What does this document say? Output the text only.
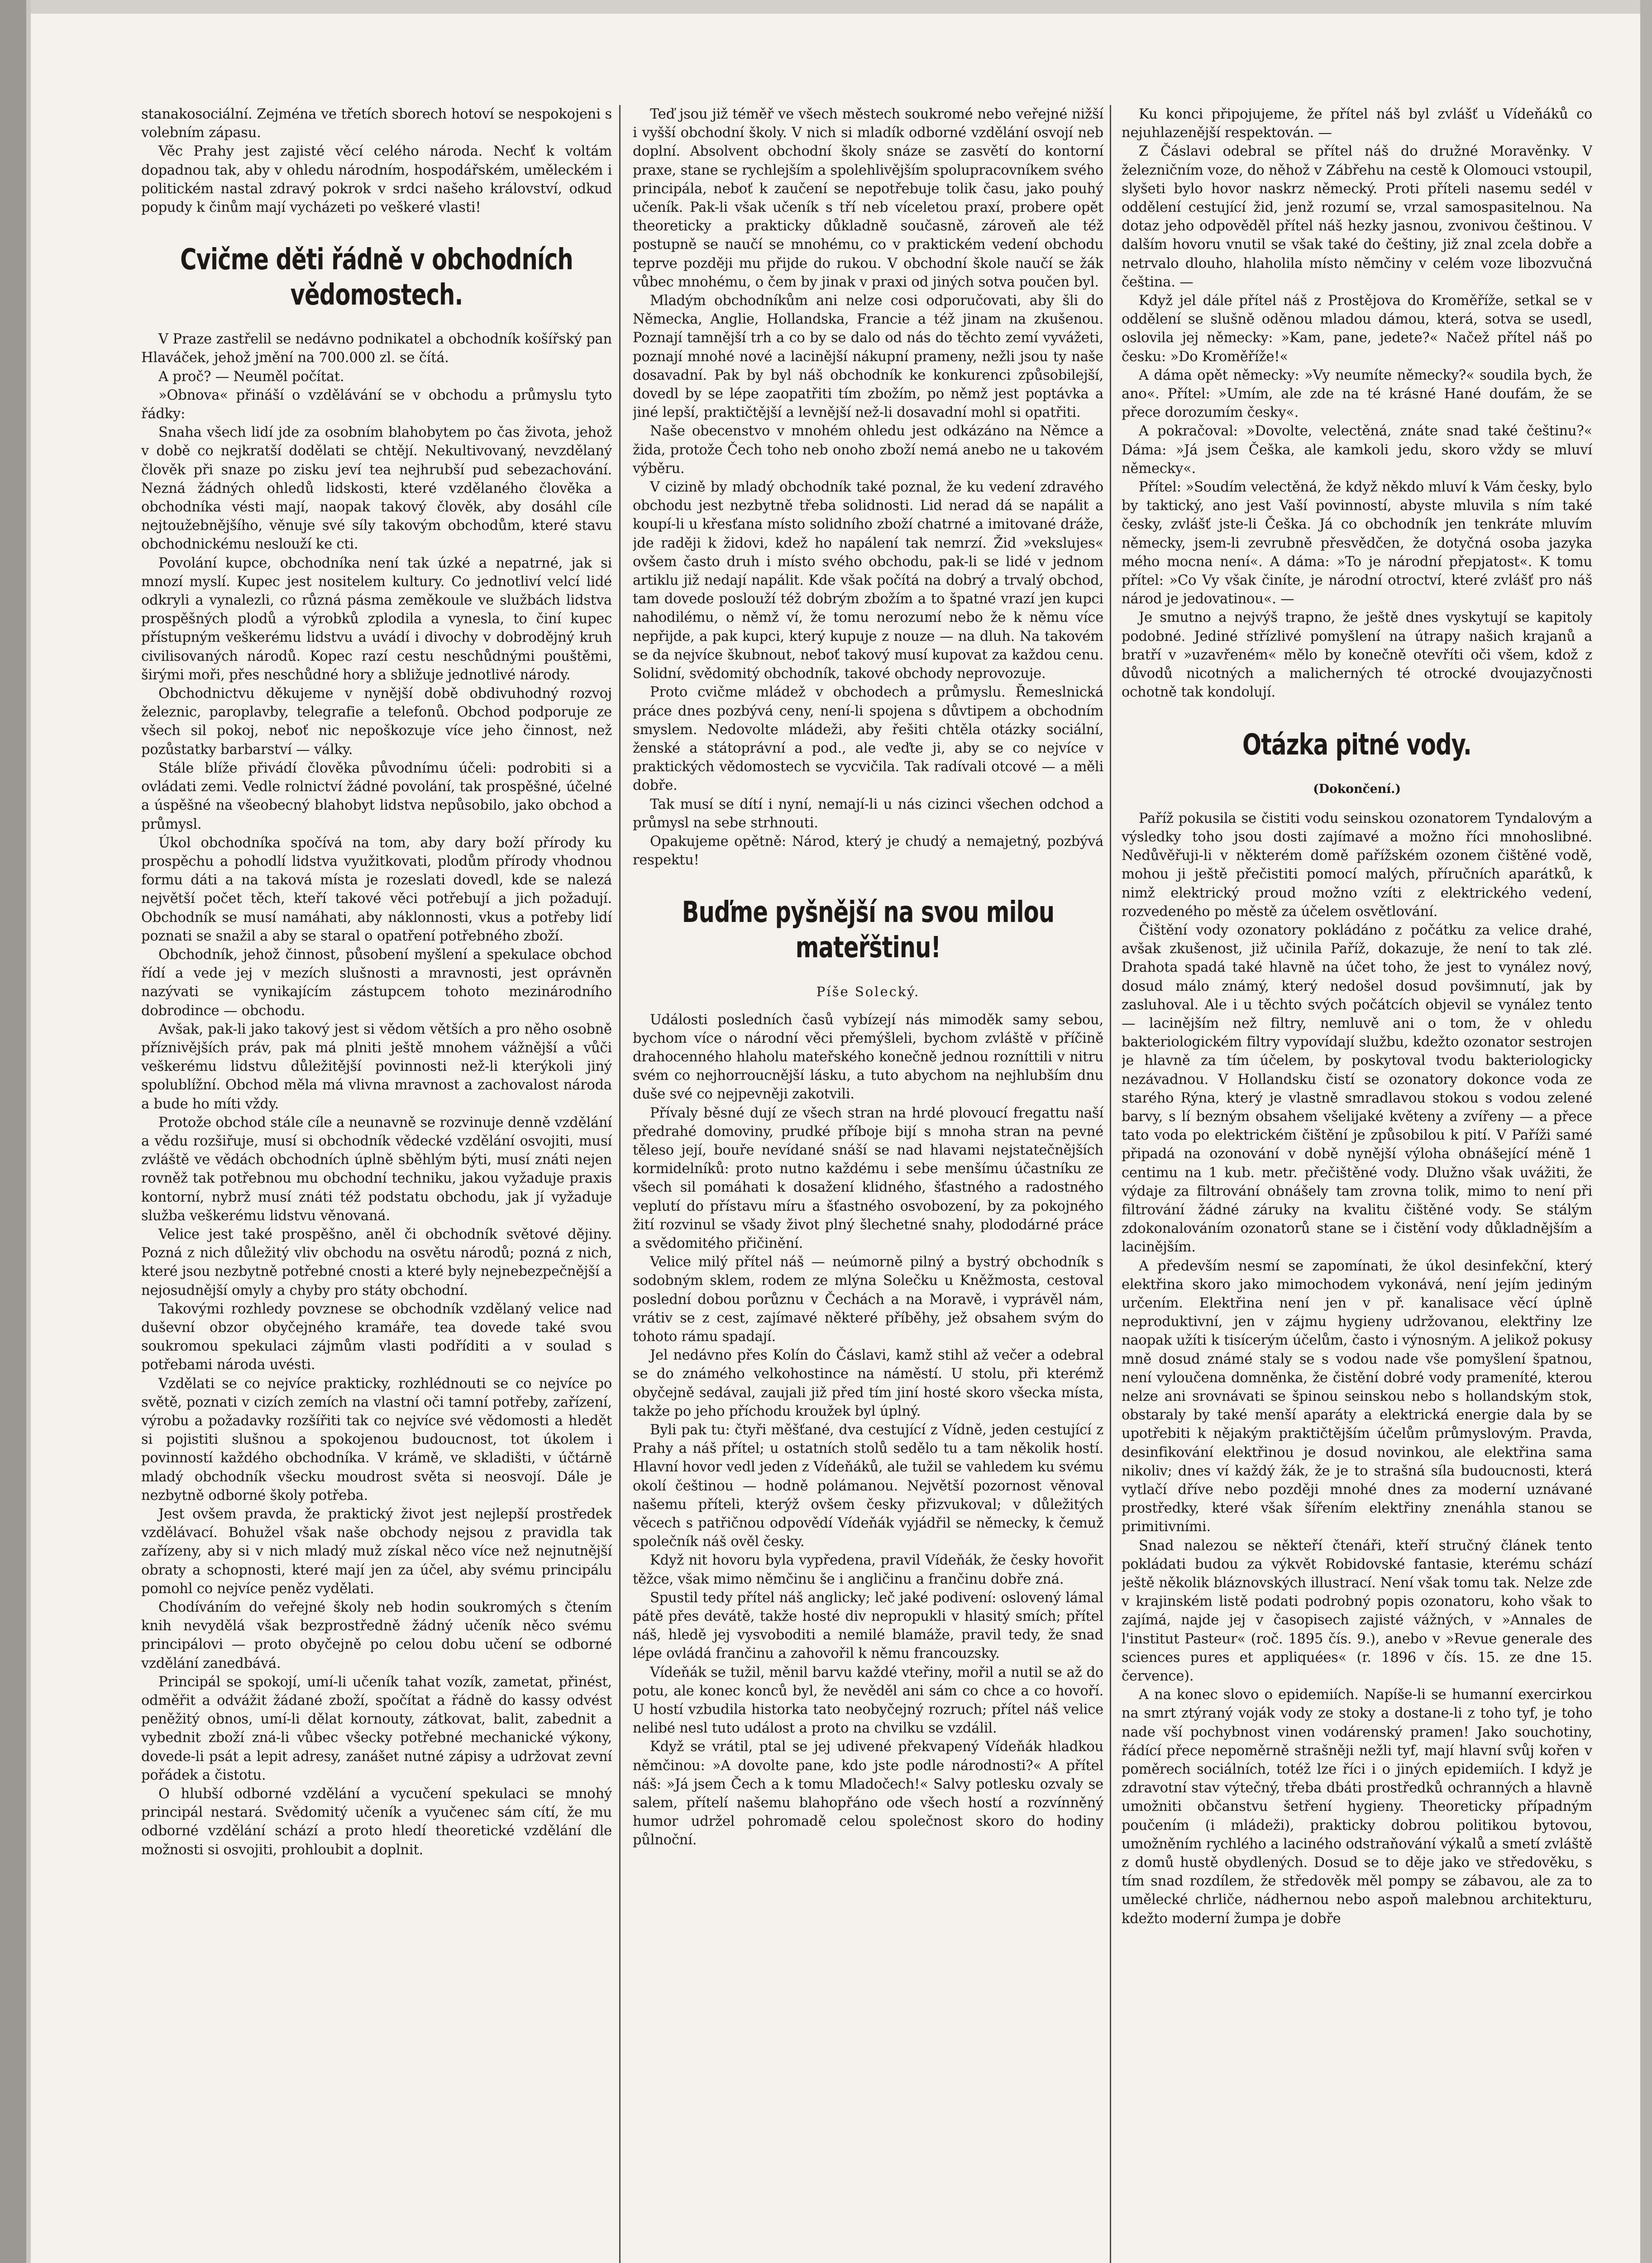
stanakosociální. Zejména ve třetích sborech hotoví se nespokojeni s volebním zápasu.

Věc Prahy jest zajisté věcí celého národa. Nechť k voltám dopadnou tak, aby v ohledu národním, hospodářském, uměleckém i politickém nastal zdravý pokrok v srdci našeho království, odkud popudy k činům mají vycházeti po veškeré vlasti!

Cvičme děti řádně v obchodních vědomostech.

V Praze zastřelil se nedávno podnikatel a obchodník košířský pan Hlaváček, jehož jmění na 700.000 zl. se čítá.

A proč? — Neuměl počítat.

»Obnova« přináší o vzdělávání se v obchodu a průmyslu tyto řádky:

Snaha všech lidí jde za osobním blahobytem po čas života, jehož v době co nejkratší dodělati se chtějí. Nekultivovaný, nevzdělaný člověk při snaze po zisku jeví tea nejhrubší pud sebezachování. Nezná žádných ohledů lidskosti, které vzdělaného člověka a obchodníka vésti mají, naopak takový člověk, aby dosáhl cíle nejtoužebnějšího, věnuje své síly takovým obchodům, které stavu obchodnickému neslouží ke cti.

Povolání kupce, obchodníka není tak úzké a nepatrné, jak si mnozí myslí. Kupec jest nositelem kultury. Co jednotliví velcí lidé odkryli a vynalezli, co různá pásma zeměkoule ve službách lidstva prospěšných plodů a výrobků zplodila a vynesla, to činí kupec přístupným veškerému lidstvu a uvádí i divochy v dobrodějný kruh civilisovaných národů. Kopec razí cestu neschůdnými pouštěmi, širými moři, přes neschůdné hory a sbližuje jednotlivé národy.

Obchodnictvu děkujeme v nynější době obdivuhodný rozvoj železnic, paroplavby, telegrafie a telefonů. Obchod podporuje ze všech sil pokoj, neboť nic nepoškozuje více jeho činnost, než pozůstatky barbarství — války.

Stále blíže přivádí člověka původnímu účeli: podrobiti si a ovládati zemi. Vedle rolnictví žádné povolání, tak prospěšné, účelné a úspěšné na všeobecný blahobyt lidstva nepůsobilo, jako obchod a průmysl.

Úkol obchodníka spočívá na tom, aby dary boží přírody ku prospěchu a pohodlí lidstva využitkovati, plodům přírody vhodnou formu dáti a na taková místa je rozeslati dovedl, kde se nalezá největší počet těch, kteří takové věci potřebují a jich požadují. Obchodník se musí namáhati, aby náklonnosti, vkus a potřeby lidí poznati se snažil a aby se staral o opatření potřebného zboží.

Obchodník, jehož činnost, působení myšlení a spekulace obchod řídí a vede jej v mezích slušnosti a mravnosti, jest oprávněn nazývati se vynikajícím zástupcem tohoto mezinárodního dobrodince — obchodu.

Avšak, pak-li jako takový jest si vědom větších a pro něho osobně příznivějších práv, pak má plniti ještě mnohem vážnější a vůči veškerému lidstvu důležitější povinnosti než-li kterýkoli jiný spolublížní. Obchod měla má vlivna mravnost a zachovalost národa a bude ho míti vždy.

Protože obchod stále cíle a neunavně se rozvinuje denně vzdělání a vědu rozšiřuje, musí si obchodník vědecké vzdělání osvojiti, musí zvláště ve vědách obchodních úplně sběhlým býti, musí znáti nejen rovněž tak potřebnou mu obchodní techniku, jakou vyžaduje praxis kontorní, nybrž musí znáti též podstatu obchodu, jak jí vyžaduje služba veškerému lidstvu věnovaná.

Velice jest také prospěšno, aněl či obchodník světové dějiny. Pozná z nich důležitý vliv obchodu na osvětu národů; pozná z nich, které jsou nezbytně potřebné cnosti a které byly nejnebezpečnější a nejosudnější omyly a chyby pro státy obchodní.

Takovými rozhledy povznese se obchodník vzdělaný velice nad duševní obzor obyčejného kramáře, tea dovede také svou soukromou spekulaci zájmům vlasti podříditi a v soulad s potřebami národa uvésti.

Vzdělati se co nejvíce prakticky, rozhlédnouti se co nejvíce po světě, poznati v cizích zemích na vlastní oči tamní potřeby, zařízení, výrobu a požadavky rozšířiti tak co nejvíce své vědomosti a hledět si pojistiti slušnou a spokojenou budoucnost, tot úkolem i povinností každého obchodníka. V krámě, ve skladišti, v účtárně mladý obchodník všecku moudrost světa si neosvojí. Dále je nezbytně odborné školy potřeba.

Jest ovšem pravda, že praktický život jest nejlepší prostředek vzdělávací. Bohužel však naše obchody nejsou z pravidla tak zařízeny, aby si v nich mladý muž získal něco více než nejnutnější obraty a schopnosti, které mají jen za účel, aby svému principálu pomohl co nejvíce peněz vydělati.

Chodíváním do veřejné školy neb hodin soukromých s čtením knih nevydělá však bezprostředně žádný učeník něco svému principálovi — proto obyčejně po celou dobu učení se odborné vzdělání zanedbává.

Principál se spokojí, umí-li učeník tahat vozík, zametat, přinést, odměřit a odvážit žádané zboží, spočítat a řádně do kassy odvést peněžitý obnos, umí-li dělat kornouty, zátkovat, balit, zabednit a vybednit zboží zná-li vůbec všecky potřebné mechanické výkony, dovede-li psát a lepit adresy, zanášet nutné zápisy a udržovat zevní pořádek a čistotu.

O hlubší odborné vzdělání a vycučení spekulaci se mnohý principál nestará. Svědomitý učeník a vyučenec sám cítí, že mu odborné vzdělání schází a proto hledí theoretické vzdělání dle možnosti si osvojiti, prohloubit a doplnit.

Teď jsou již téměř ve všech městech soukromé nebo veřejné nižší i vyšší obchodní školy. V nich si mladík odborné vzdělání osvojí neb doplní. Absolvent obchodní školy snáze se zasvětí do kontorní praxe, stane se rychlejším a spolehlivějším spolupracovníkem svého principála, neboť k zaučení se nepotřebuje tolik času, jako pouhý učeník. Pak-li však učeník s tří neb víceletou praxí, probere opět theoreticky a prakticky důkladně současně, zároveň ale též postupně se naučí se mnohému, co v praktickém vedení obchodu teprve později mu přijde do rukou. V obchodní škole naučí se žák vůbec mnohému, o čem by jinak v praxi od jiných sotva poučen byl.

Mladým obchodníkům ani nelze cosi odporučovati, aby šli do Německa, Anglie, Hollandska, Francie a též jinam na zkušenou. Poznají tamnější trh a co by se dalo od nás do těchto zemí vyvážeti, poznají mnohé nové a lacinější nákupní prameny, nežli jsou ty naše dosavadní. Pak by byl náš obchodník ke konkurenci způsobilejší, dovedl by se lépe zaopatřiti tím zbožím, po němž jest poptávka a jiné lepší, praktičtější a levnější než-li dosavadní mohl si opatřiti.

Naše obecenstvo v mnohém ohledu jest odkázáno na Němce a žida, protože Čech toho neb onoho zboží nemá anebo ne u takovém výběru.

V cizině by mladý obchodník také poznal, že ku vedení zdravého obchodu jest nezbytně třeba solidnosti. Lid nerad dá se napálit a koupí-li u křesťana místo solidního zboží chatrné a imitované dráže, jde raději k židovi, kdež ho napálení tak nemrzí. Žid »vekslujes« ovšem často druh i místo svého obchodu, pak-li se lidé v jednom artiklu již nedají napálit. Kde však počítá na dobrý a trvalý obchod, tam dovede poslouží též dobrým zbožím a to špatné vrazí jen kupci nahodilému, o němž ví, že tomu nerozumí nebo že k němu více nepřijde, a pak kupci, který kupuje z nouze — na dluh. Na takovém se da nejvíce škubnout, neboť takový musí kupovat za každou cenu. Solidní, svědomitý obchodník, takové obchody neprovozuje.

Proto cvičme mládež v obchodech a průmyslu. Řemeslnická práce dnes pozbývá ceny, není-li spojena s důvtipem a obchodním smyslem. Nedovolte mládeži, aby řešiti chtěla otázky sociální, ženské a státoprávní a pod., ale veďte ji, aby se co nejvíce v praktických vědomostech se vycvičila. Tak radívali otcové — a měli dobře.

Tak musí se dítí i nyní, nemají-li u nás cizinci všechen odchod a průmysl na sebe strhnouti.

Opakujeme opětně: Národ, který je chudý a nemajetný, pozbývá respektu!

Buďme pyšnější na svou milou mateřštinu!
Píše Solecký.

Události posledních časů vybízejí nás mimoděk samy sebou, bychom více o národní věci přemýšleli, bychom zvláště v příčině drahocenného hlaholu mateřského konečně jednou rozníttili v nitru svém co nejhorroucnější lásku, a tuto abychom na nejhlubším dnu duše své co nejpevněji zakotvili.

Přívaly běsné dují ze všech stran na hrdé plovoucí fregattu naší předrahé domoviny, prudké příboje bijí s mnoha stran na pevné těleso její, bouře nevídané snáší se nad hlavami nejstatečnějších kormidelníků: proto nutno každému i sebe menšímu účastníku ze všech sil pomáhati k dosažení klidného, šťastného a radostného veplutí do přístavu míru a šťastného osvobození, by za pokojného žití rozvinul se všady život plný šlechetné snahy, plododárné práce a svědomitého přičinění.

Velice milý přítel náš — neúmorně pilný a bystrý obchodník s sodobným sklem, rodem ze mlýna Solečku u Kněžmosta, cestoval poslední dobou porůznu v Čechách a na Moravě, i vyprávěl nám, vrátiv se z cest, zajímavé některé příběhy, jež obsahem svým do tohoto rámu spadají.

Jel nedávno přes Kolín do Čáslavi, kamž stihl až večer a odebral se do známého velkohostince na náměstí. U stolu, při kterémž obyčejně sedával, zaujali již před tím jiní hosté skoro všecka místa, takže po jeho příchodu kroužek byl úplný.

Byli pak tu: čtyři měšťané, dva cestující z Vídně, jeden cestující z Prahy a náš přítel; u ostatních stolů sedělo tu a tam několik hostí. Hlavní hovor vedl jeden z Vídeňáků, ale tužil se vahledem ku svému okolí češtinou — hodně polámanou. Největší pozornost věnoval našemu příteli, kterýž ovšem česky přizvukoval; v důležitých věcech s patřičnou odpovědí Vídeňák vyjádřil se německy, k čemuž společník náš ověl česky.

Když nit hovoru byla vypředena, pravil Vídeňák, že česky hovořit těžce, však mimo němčinu še i angličinu a frančinu dobře zná.

Spustil tedy přítel náš anglicky; leč jaké podivení: oslovený lámal pátě přes devátě, takže hosté div nepropukli v hlasitý smích; přítel náš, hledě jej vysvoboditi a nemilé blamáže, pravil tedy, že snad lépe ovládá frančinu a zahovořil k němu francouzsky.

Vídeňák se tužil, měnil barvu každé vteřiny, mořil a nutil se až do potu, ale konec konců byl, že nevěděl ani sám co chce a co hovoří. U hostí vzbudila historka tato neobyčejný rozruch; přítel náš velice nelibé nesl tuto událost a proto na chvilku se vzdálil.

Když se vrátil, ptal se jej udivené překvapený Vídeňák hladkou němčinou: »A dovolte pane, kdo jste podle národnosti?« A přítel náš: »Já jsem Čech a k tomu Mladočech!« Salvy potlesku ozvaly se salem, přítelí našemu blahopřáno ode všech hostí a rozvínněný humor udržel pohromadě celou společnost skoro do hodiny půlnoční.

Ku konci připojujeme, že přítel náš byl zvlášť u Vídeňáků co nejuhlazenější respektován. —

Z Čáslavi odebral se přítel náš do družné Moravěnky. V železničním voze, do něhož v Zábřehu na cestě k Olomouci vstoupil, slyšeti bylo hovor naskrz německý. Proti příteli nasemu sedél v oddělení cestující žid, jenž rozumí se, vrzal samospasitelnou. Na dotaz jeho odpověděl přítel náš hezky jasnou, zvonivou češtinou. V dalším hovoru vnutil se však také do češtiny, již znal zcela dobře a netrvalo dlouho, hlaholila místo němčiny v celém voze libozvučná čeština. —

Když jel dále přítel náš z Prostějova do Kroměříže, setkal se v oddělení se slušně oděnou mladou dámou, která, sotva se usedl, oslovila jej německy: »Kam, pane, jedete?« Načež přítel náš po česku: »Do Kroměříže!«

A dáma opět německy: »Vy neumíte německy?« soudila bych, že ano«. Přítel: »Umím, ale zde na té krásné Hané doufám, že se přece dorozumím česky«.

A pokračoval: »Dovolte, velectěná, znáte snad také češtinu?« Dáma: »Já jsem Češka, ale kamkoli jedu, skoro vždy se mluví německy«.

Přítel: »Soudím velectěná, že když někdo mluví k Vám česky, bylo by taktický, ano jest Vaší povinností, abyste mluvila s ním také česky, zvlášť jste-li Češka. Já co obchodník jen tenkráte mluvím německy, jsem-li zevrubně přesvědčen, že dotyčná osoba jazyka mého mocna není«. A dáma: »To je národní přepjatost«. K tomu přítel: »Co Vy však činíte, je národní otroctví, které zvlášť pro náš národ je jedovatinou«. —

Je smutno a nejvýš trapno, že ještě dnes vyskytují se kapitoly podobné. Jediné střízlivé pomyšlení na útrapy našich krajanů a bratří v »uzavřeném« mělo by konečně otevříti oči všem, kdož z důvodů nicotných a malicherných té otrocké dvoujazyčnosti ochotně tak kondolují.

Otázka pitné vody.
(Dokončení.)

Paříž pokusila se čistiti vodu seinskou ozonatorem Tyndalovým a výsledky toho jsou dosti zajímavé a možno říci mnohoslibné. Nedůvěřuji-li v některém domě pařížském ozonem čištěné vodě, mohou ji ještě přečistiti pomocí malých, příručních aparátků, k nimž elektrický proud možno vzíti z elektrického vedení, rozvedeného po městě za účelem osvětlování.

Čištění vody ozonatory pokládáno z počátku za velice drahé, avšak zkušenost, již učinila Paříž, dokazuje, že není to tak zlé. Drahota spadá také hlavně na účet toho, že jest to vynález nový, dosud málo známý, který nedošel dosud povšimnutí, jak by zasluhoval. Ale i u těchto svých počátcích objevil se vynález tento — lacinějším než filtry, nemluvě ani o tom, že v ohledu bakteriologickém filtry vypovídají službu, kdežto ozonator sestrojen je hlavně za tím účelem, by poskytoval tvodu bakteriologicky nezávadnou. V Hollandsku čistí se ozonatory dokonce voda ze starého Rýna, který je vlastně smradlavou stokou s vodou zelené barvy, s lí bezným obsahem všelijaké květeny a zvířeny — a přece tato voda po elektrickém čištění je způsobilou k pití. V Paříži samé připadá na ozonování v době nynější výloha obnášející méně 1 centimu na 1 kub. metr. přečištěné vody. Dlužno však uvážiti, že výdaje za filtrování obnášely tam zrovna tolik, mimo to není při filtrování žádné záruky na kvalitu čištěné vody. Se stálým zdokonalováním ozonatorů stane se i čistění vody důkladnějším a lacinějším.

A především nesmí se zapomínati, že úkol desinfekční, který elektřina skoro jako mimochodem vykonává, není jejím jediným určením. Elektřina není jen v př. kanalisace věcí úplně neproduktivní, jen v zájmu hygieny udržovanou, elektřiny lze naopak užíti k tisícerým účelům, často i výnosným. A jelikož pokusy mně dosud známé staly se s vodou nade vše pomyšlení špatnou, není vyloučena domněnka, že čistění dobré vody prameníté, kterou nelze ani srovnávati se špinou seinskou nebo s hollandským stok, obstaraly by také menší aparáty a elektrická energie dala by se upotřebiti k nějakým praktičtějším účelům průmyslovým. Pravda, desinfikování elektřinou je dosud novinkou, ale elektřina sama nikoliv; dnes ví každý žák, že je to strašná síla budoucnosti, která vytlačí dříve nebo později mnohé dnes za moderní uznávané prostředky, které však šířením elektřiny znenáhla stanou se primitivními.

Snad nalezou se někteří čtenáři, kteří stručný článek tento pokládati budou za výkvět Robidovské fantasie, kterému schází ještě několik bláznovských illustrací. Není však tomu tak. Nelze zde v krajinském listě podati podrobný popis ozonatoru, koho však to zajímá, najde jej v časopisech zajisté vážných, v »Annales de l'institut Pasteur« (roč. 1895 čís. 9.), anebo v »Revue generale des sciences pures et appliquées« (r. 1896 v čís. 15. ze dne 15. července).

A na konec slovo o epidemiích. Napíše-li se humanní exercirkou na smrt ztýraný voják vody ze stoky a dostane-li z toho tyf, je toho nade vší pochybnost vinen vodárenský pramen! Jako souchotiny, řádící přece nepoměrně strašněji nežli tyf, mají hlavní svůj kořen v poměrech sociálních, totéž lze říci i o jiných epidemiích. I když je zdravotní stav výtečný, třeba dbáti prostředků ochranných a hlavně umožniti občanstvu šetření hygieny. Theoreticky případným poučením (i mládeži), prakticky dobrou politikou bytovou, umožněním rychlého a laciného odstraňování výkalů a smetí zvláště z domů hustě obydlených. Dosud se to děje jako ve středověku, s tím snad rozdílem, že středověk měl pompy se zábavou, ale za to umělecké chrliče, nádhernou nebo aspoň malebnou architekturu, kdežto moderní žumpa je dobře
